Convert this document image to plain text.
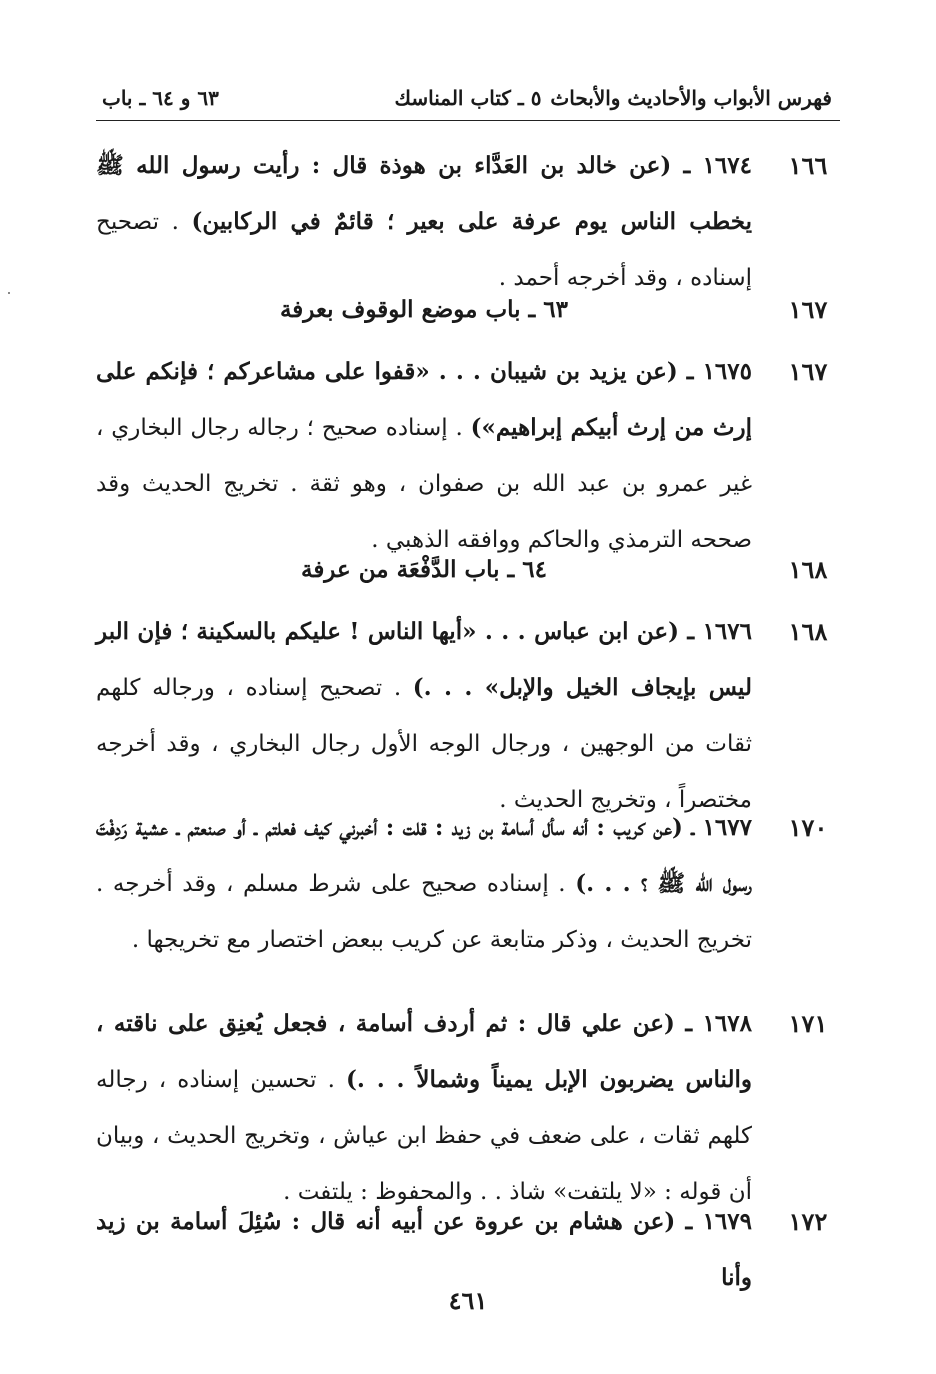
فهرس الأبواب والأحاديث والأبحاث
٥ ـ كتاب المناسك
٦٣ و ٦٤ ـ باب
١٦٦
١٦٧٤ ـ (عن خالد بن العَدَّاء بن هوذة قال : رأيت رسول الله ﷺ يخطب الناس يوم عرفة على بعير ؛ قائمٌ في الركابين) . تصحيح إسناده ، وقد أخرجه أحمد .
١٦٧
٦٣ ـ باب موضع الوقوف بعرفة
١٦٧
١٦٧٥ ـ (عن يزيد بن شيبان . . . «قفوا على مشاعركم ؛ فإنكم على إرث من إرث أبيكم إبراهيم») . إسناده صحيح ؛ رجاله رجال البخاري ، غير عمرو بن عبد الله بن صفوان ، وهو ثقة . تخريج الحديث وقد صححه الترمذي والحاكم ووافقه الذهبي .
١٦٨
٦٤ ـ باب الدَّفْعَة من عرفة
١٦٨
١٦٧٦ ـ (عن ابن عباس . . . «أيها الناس ! عليكم بالسكينة ؛ فإن البر ليس بإيجاف الخيل والإبل» . . .) . تصحيح إسناده ، ورجاله كلهم ثقات من الوجهين ، ورجال الوجه الأول رجال البخاري ، وقد أخرجه مختصراً ، وتخريج الحديث .
١٧٠
١٦٧٧ ـ (عن كريب : أنه سأل أسامة بن زيد : قلت : أخبرني كيف فعلتم ـ أو صنعتم ـ عشية رَدِفْتَ رسول الله ﷺ ؟ . . .) . إسناده صحيح على شرط مسلم ، وقد أخرجه . تخريج الحديث ، وذكر متابعة عن كريب ببعض اختصار مع تخريجها .
١٧١
١٦٧٨ ـ (عن علي قال : ثم أردف أسامة ، فجعل يُعنِق على ناقته ، والناس يضربون الإبل يميناً وشمالاً . . .) . تحسين إسناده ، رجاله كلهم ثقات ، على ضعف في حفظ ابن عياش ، وتخريج الحديث ، وبيان أن قوله : «لا يلتفت» شاذ . . والمحفوظ : يلتفت .
١٧٢
١٦٧٩ ـ (عن هشام بن عروة عن أبيه أنه قال : سُئِلَ أسامة بن زيد وأنا
٤٦١
